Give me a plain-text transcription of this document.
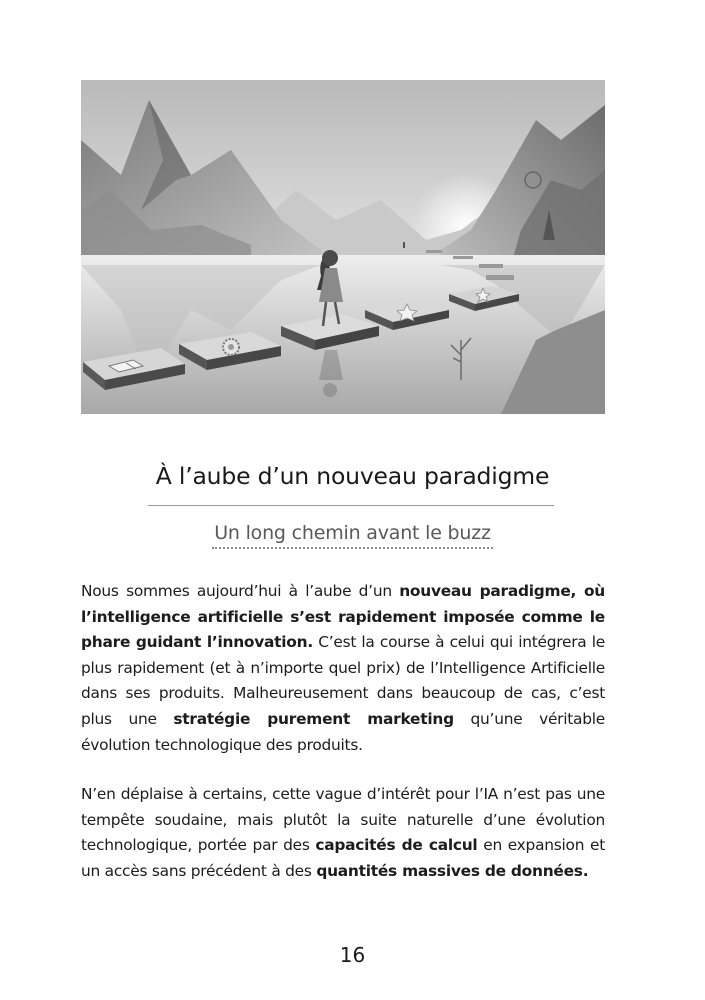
À l’aube d’un nouveau paradigme
Un long chemin avant le buzz

Nous sommes aujourd’hui à l’aube d’un nouveau paradigme, où l’intelligence artificielle s’est rapidement imposée comme le phare guidant l’innovation. C’est la course à celui qui intégrera le plus rapidement (et à n’importe quel prix) de l’Intelligence Artificielle dans ses produits. Malheureusement dans beaucoup de cas, c’est plus une stratégie purement marketing qu’une véritable évolution technologique des produits.

N’en déplaise à certains, cette vague d’intérêt pour l’IA n’est pas une tempête soudaine, mais plutôt la suite naturelle d’une évolution technologique, portée par des capacités de calcul en expansion et un accès sans précédent à des quantités massives de données.

16
